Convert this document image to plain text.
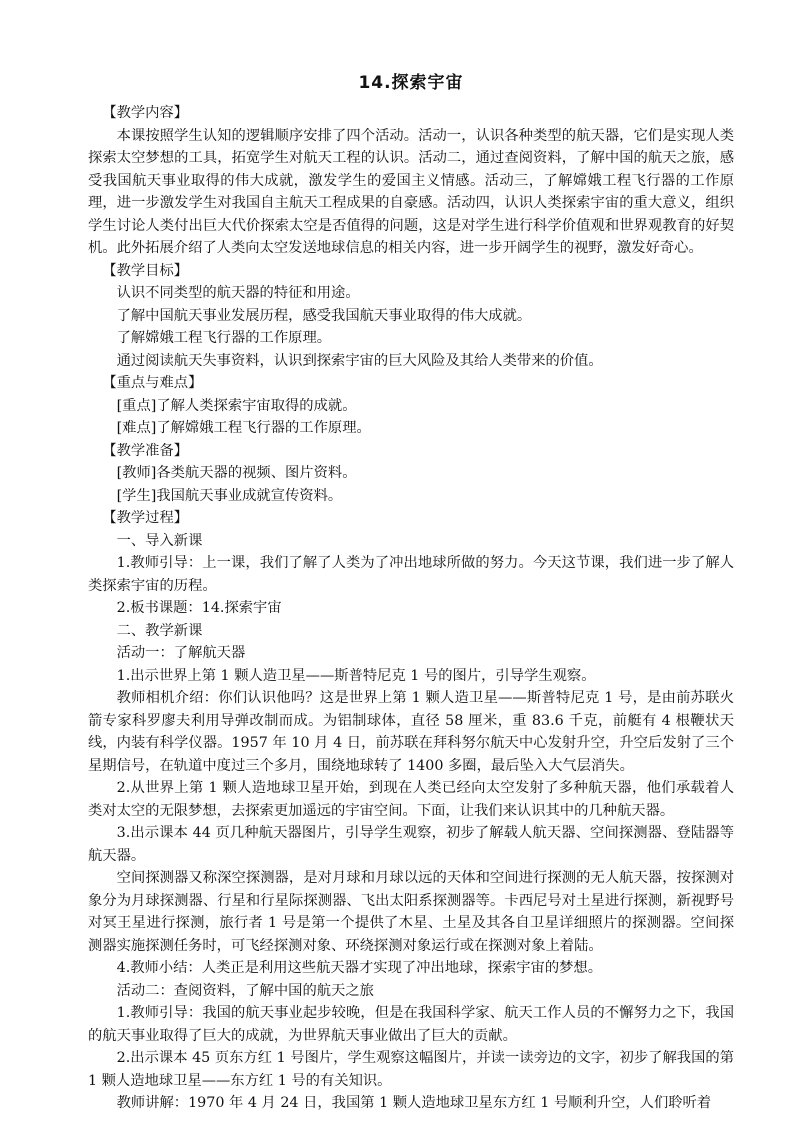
14.探索宇宙

【教学内容】

本课按照学生认知的逻辑顺序安排了四个活动。活动一，认识各种类型的航天器，它们是实现人类探索太空梦想的工具，拓宽学生对航天工程的认识。活动二，通过查阅资料，了解中国的航天之旅，感受我国航天事业取得的伟大成就，激发学生的爱国主义情感。活动三，了解嫦娥工程飞行器的工作原理，进一步激发学生对我国自主航天工程成果的自豪感。活动四，认识人类探索宇宙的重大意义，组织学生讨论人类付出巨大代价探索太空是否值得的问题，这是对学生进行科学价值观和世界观教育的好契机。此外拓展介绍了人类向太空发送地球信息的相关内容，进一步开阔学生的视野，激发好奇心。

【教学目标】

认识不同类型的航天器的特征和用途。

了解中国航天事业发展历程，感受我国航天事业取得的伟大成就。

了解嫦娥工程飞行器的工作原理。

通过阅读航天失事资料，认识到探索宇宙的巨大风险及其给人类带来的价值。

【重点与难点】

[重点]了解人类探索宇宙取得的成就。

[难点]了解嫦娥工程飞行器的工作原理。

【教学准备】

[教师]各类航天器的视频、图片资料。

[学生]我国航天事业成就宣传资料。

【教学过程】

一、导入新课

1.教师引导：上一课，我们了解了人类为了冲出地球所做的努力。今天这节课，我们进一步了解人类探索宇宙的历程。

2.板书课题：14.探索宇宙

二、教学新课

活动一：了解航天器

1.出示世界上第 1 颗人造卫星——斯普特尼克 1 号的图片，引导学生观察。

教师相机介绍：你们认识他吗？这是世界上第 1 颗人造卫星——斯普特尼克 1 号，是由前苏联火箭专家科罗廖夫利用导弹改制而成。为铝制球体，直径 58 厘米，重 83.6 千克，前艇有 4 根鞭状天线，内装有科学仪器。1957 年 10 月 4 日，前苏联在拜科努尔航天中心发射升空，升空后发射了三个星期信号，在轨道中度过三个多月，围绕地球转了 1400 多圈，最后坠入大气层消失。

2.从世界上第 1 颗人造地球卫星开始，到现在人类已经向太空发射了多种航天器，他们承载着人类对太空的无限梦想，去探索更加遥远的宇宙空间。下面，让我们来认识其中的几种航天器。

3.出示课本 44 页几种航天器图片，引导学生观察，初步了解载人航天器、空间探测器、登陆器等航天器。

空间探测器又称深空探测器，是对月球和月球以远的天体和空间进行探测的无人航天器，按探测对象分为月球探测器、行星和行星际探测器、飞出太阳系探测器等。卡西尼号对土星进行探测，新视野号对冥王星进行探测，旅行者 1 号是第一个提供了木星、土星及其各自卫星详细照片的探测器。空间探测器实施探测任务时，可飞经探测对象、环绕探测对象运行或在探测对象上着陆。

4.教师小结：人类正是利用这些航天器才实现了冲出地球，探索宇宙的梦想。

活动二：查阅资料，了解中国的航天之旅

1.教师引导：我国的航天事业起步较晚，但是在我国科学家、航天工作人员的不懈努力之下，我国的航天事业取得了巨大的成就，为世界航天事业做出了巨大的贡献。

2.出示课本 45 页东方红 1 号图片，学生观察这幅图片，并读一读旁边的文字，初步了解我国的第 1 颗人造地球卫星——东方红 1 号的有关知识。

教师讲解：1970 年 4 月 24 日，我国第 1 颗人造地球卫星东方红 1 号顺利升空，人们聆听着
